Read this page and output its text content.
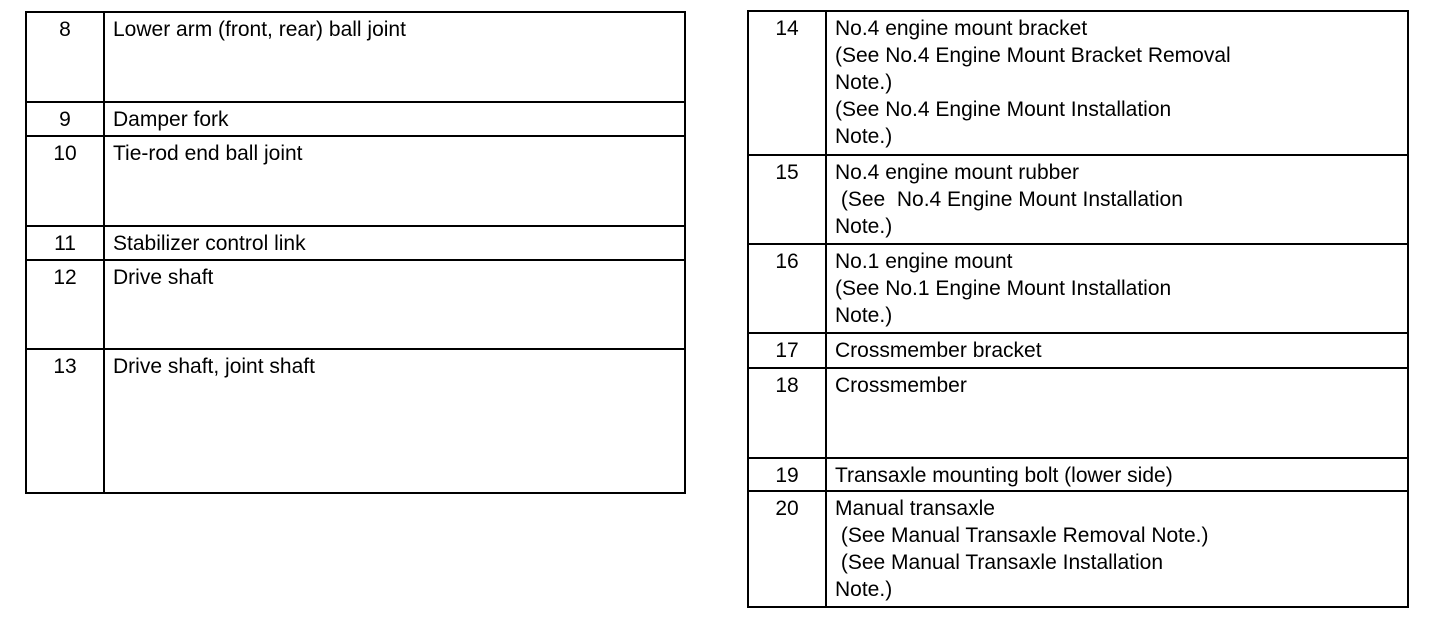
8	Lower arm (front, rear) ball joint

9	Damper fork

10	Tie-rod end ball joint

11	Stabilizer control link

12	Drive shaft

13	Drive shaft, joint shaft
14	No.4 engine mount bracket
(See No.4 Engine Mount Bracket Removal
Note.)
(See No.4 Engine Mount Installation
Note.)

15	No.4 engine mount rubber
(See  No.4 Engine Mount Installation
Note.)

16	No.1 engine mount
(See No.1 Engine Mount Installation
Note.)

17	Crossmember bracket

18	Crossmember

19	Transaxle mounting bolt (lower side)

20	Manual transaxle
(See Manual Transaxle Removal Note.)
(See Manual Transaxle Installation
Note.)
